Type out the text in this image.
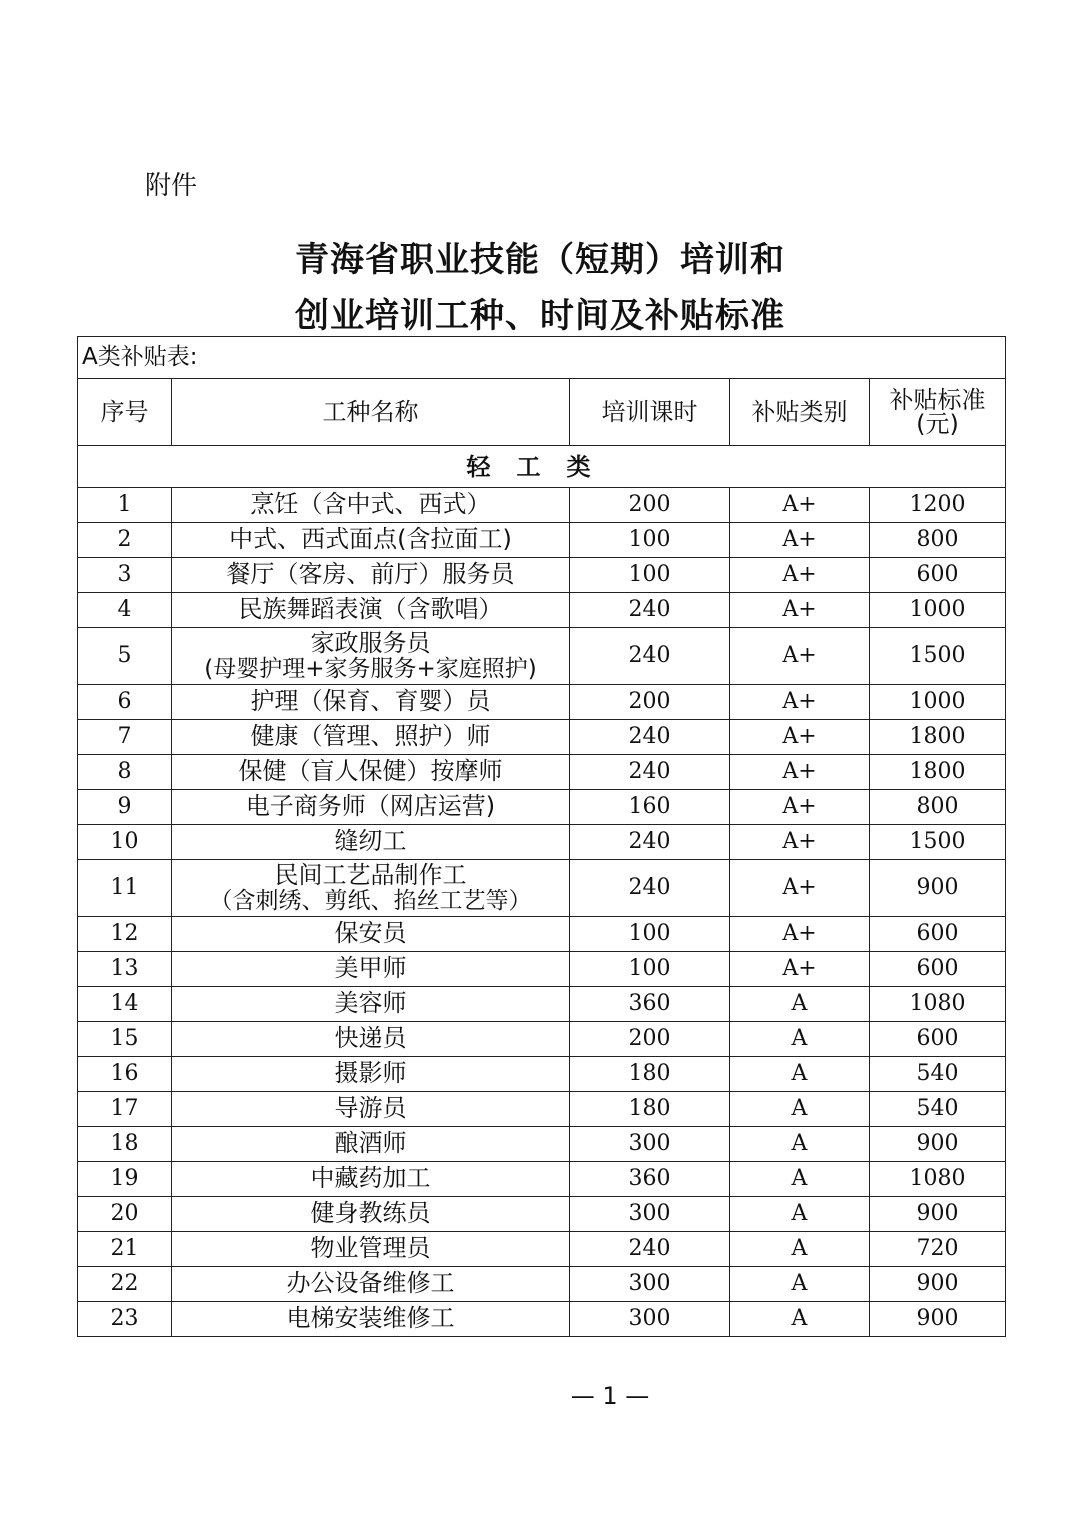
附件
青海省职业技能（短期）培训和
创业培训工种、时间及补贴标准
A类补贴表:				
序号	工种名称	培训课时	补贴类别	补贴标准
(元)

轻工类				
1	烹饪（含中式、西式）	200	A+	1200
2	中式、西式面点(含拉面工)	100	A+	800
3	餐厅（客房、前厅）服务员	100	A+	600
4	民族舞蹈表演（含歌唱）	240	A+	1000
5	家政服务员
(母婴护理+家务服务+家庭照护)	240	A+	1500
6	护理（保育、育婴）员	200	A+	1000
7	健康（管理、照护）师	240	A+	1800
8	保健（盲人保健）按摩师	240	A+	1800
9	电子商务师（网店运营)	160	A+	800
10	缝纫工	240	A+	1500
11	民间工艺品制作工
（含刺绣、剪纸、掐丝工艺等）	240	A+	900
12	保安员	100	A+	600
13	美甲师	100	A+	600
14	美容师	360	A	1080
15	快递员	200	A	600
16	摄影师	180	A	540
17	导游员	180	A	540
18	酿酒师	300	A	900
19	中藏药加工	360	A	1080
20	健身教练员	300	A	900
21	物业管理员	240	A	720
22	办公设备维修工	300	A	900
23	电梯安装维修工	300	A	900
— 1 —
